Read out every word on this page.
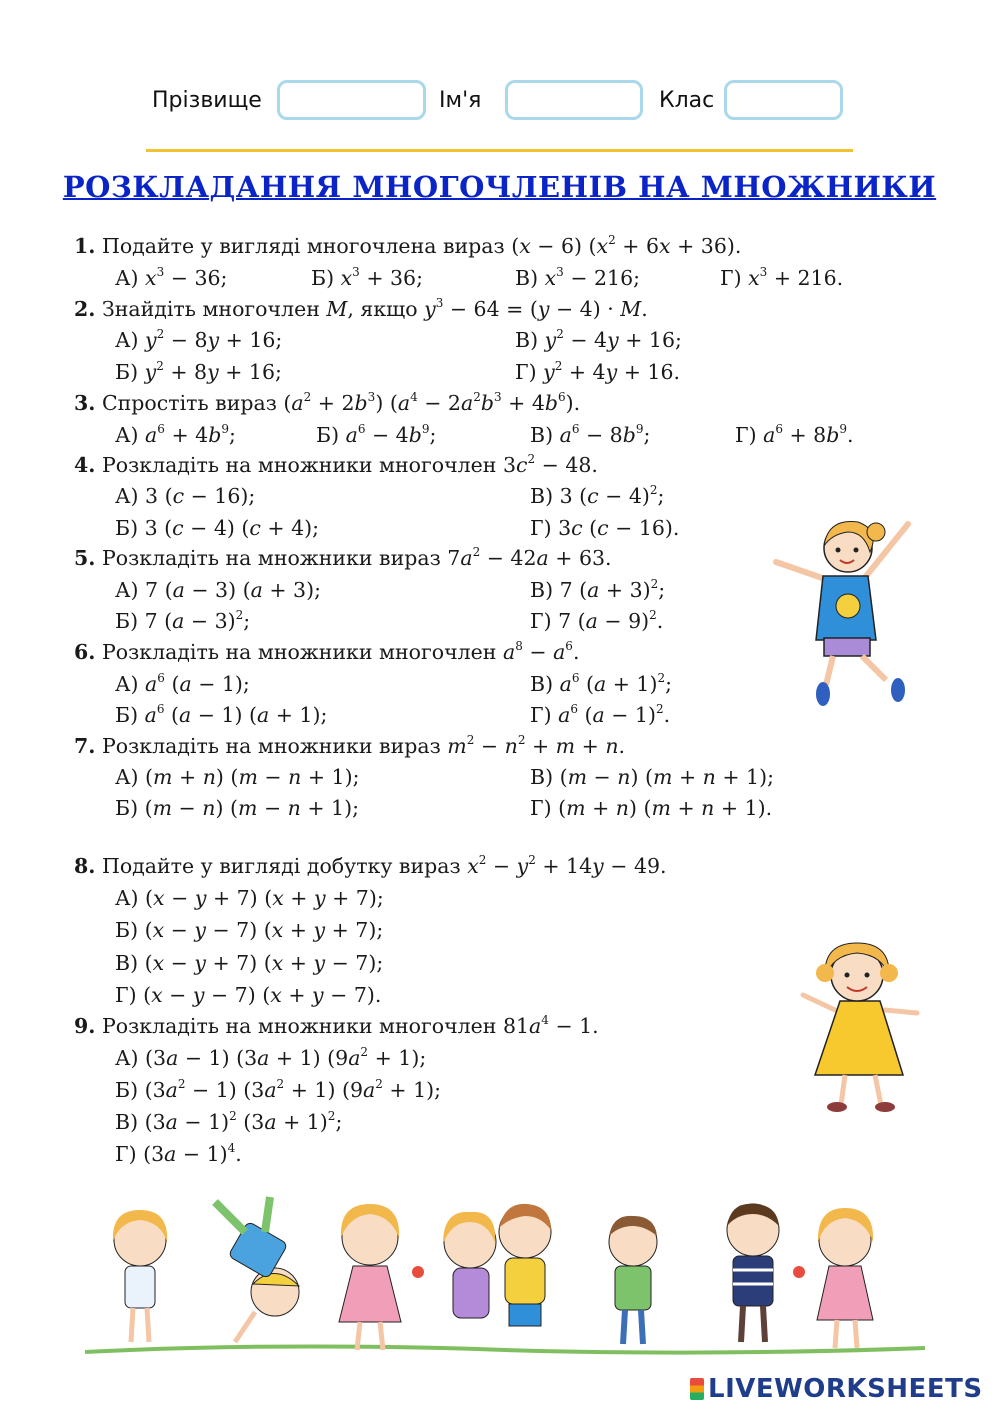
Прізвище	Ім'я	Клас
РОЗКЛАДАННЯ МНОГОЧЛЕНІВ НА МНОЖНИКИ
1. Подайте у вигляді многочлена вираз (x − 6) $(x^2 + 6x + 36)$.
А) $x^3 - 36$;	Б) $x^3 + 36$;	В) $x^3 - 216$;	Г) $x^3 + 216$.
2. Знайдіть многочлен M, якщо $y^3 - 64 = (y - 4) \cdot M$.
А) $y^2 - 8y + 16$;	В) $y^2 - 4y + 16$;
Б) $y^2 + 8y + 16$;	Г) $y^2 + 4y + 16$.
3. Спростіть вираз $(a^2 + 2b^3) (a^4 - 2a^2b^3 + 4b^6)$.
А) $a^6 + 4b^9$;	Б) $a^6 - 4b^9$;	В) $a^6 - 8b^9$;	Г) $a^6 + 8b^9$.
4. Розкладіть на множники многочлен $3c^2 - 48$.
А) 3 (c − 16);	В) 3 $(c - 4)^2$;
Б) 3 (c − 4) (c + 4);	Г) 3c (c − 16).
5. Розкладіть на множники вираз $7a^2 - 42a + 63$.
А) 7 (a − 3) (a + 3);	В) 7 $(a + 3)^2$;
Б) 7 $(a - 3)^2$;	Г) 7 $(a - 9)^2$.
6. Розкладіть на множники многочлен $a^8 - a^6$.
А) $a^6$ (a − 1);	В) $a^6$ $(a + 1)^2$;
Б) $a^6$ (a − 1) (a + 1);	Г) $a^6$ $(a - 1)^2$.
7. Розкладіть на множники вираз $m^2 - n^2 + m + n$.
А) (m + n) (m − n + 1);	В) (m − n) (m + n + 1);
Б) (m − n) (m − n + 1);	Г) (m + n) (m + n + 1).
8. Подайте у вигляді добутку вираз $x^2 - y^2 + 14y - 49$.
А) (x − y + 7) (x + y + 7);
Б) (x − y − 7) (x + y + 7);
В) (x − y + 7) (x + y − 7);
Г) (x − y − 7) (x + y − 7).
9. Розкладіть на множники многочлен $81a^4 - 1$.
А) (3a − 1) (3a + 1) $(9a^2 + 1)$;
Б) $(3a^2 - 1) (3a^2 + 1) (9a^2 + 1)$;
В) $(3a - 1)^2$ $(3a + 1)^2$;
Г) $(3a - 1)^4$.
LIVEWORKSHEETS
